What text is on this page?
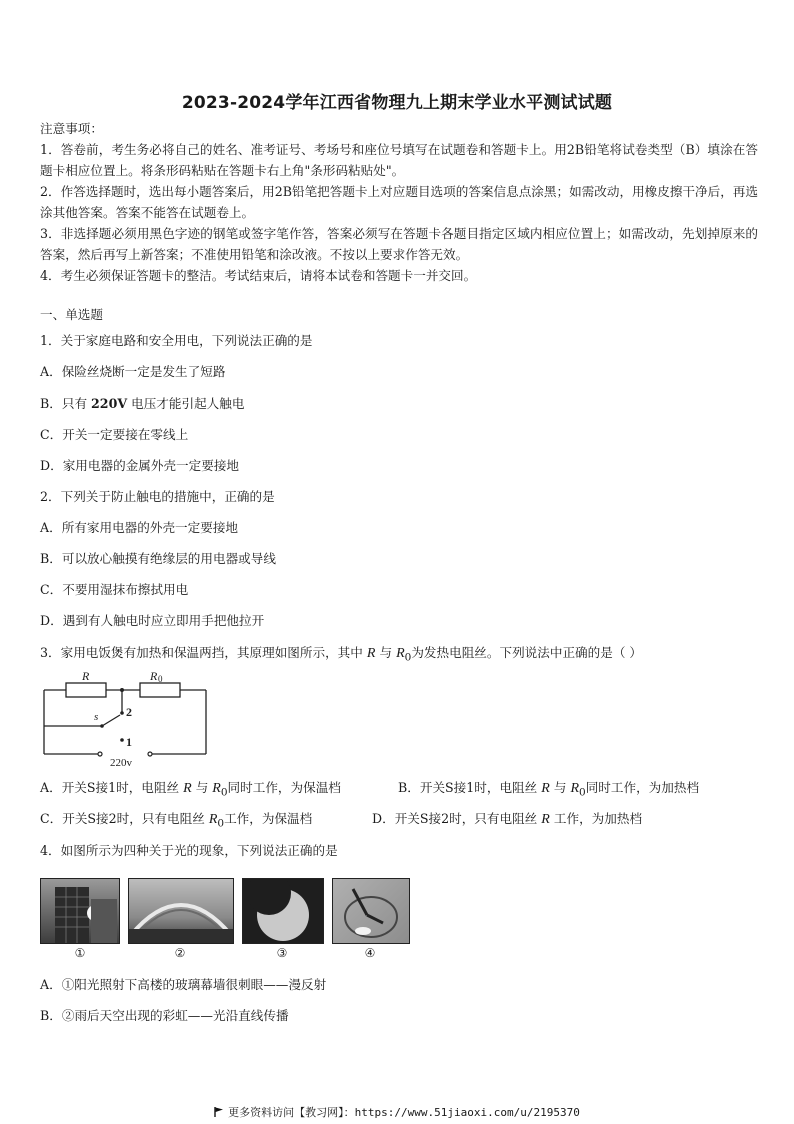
2023-2024学年江西省物理九上期末学业水平测试试题
注意事项：
1．答卷前，考生务必将自己的姓名、准考证号、考场号和座位号填写在试题卷和答题卡上。用2B铅笔将试卷类型（B）填涂在答题卡相应位置上。将条形码粘贴在答题卡右上角"条形码粘贴处"。
2．作答选择题时，选出每小题答案后，用2B铅笔把答题卡上对应题目选项的答案信息点涂黑；如需改动，用橡皮擦干净后，再选涂其他答案。答案不能答在试题卷上。
3．非选择题必须用黑色字迹的钢笔或签字笔作答，答案必须写在答题卡各题目指定区域内相应位置上；如需改动，先划掉原来的答案，然后再写上新答案；不准使用铅笔和涂改液。不按以上要求作答无效。
4．考生必须保证答题卡的整洁。考试结束后，请将本试卷和答题卡一并交回。
一、单选题
1．关于家庭电路和安全用电，下列说法正确的是
A．保险丝烧断一定是发生了短路
B．只有 220V 电压才能引起人触电
C．开关一定要接在零线上
D．家用电器的金属外壳一定要接地
2．下列关于防止触电的措施中，正确的是
A．所有家用电器的外壳一定要接地
B．可以放心触摸有绝缘层的用电器或导线
C．不要用湿抹布擦拭用电
D．遇到有人触电时应立即用手把他拉开
3．家用电饭煲有加热和保温两挡，其原理如图所示，其中 R 与 $R_0$为发热电阻丝。下列说法中正确的是（ ）
R	R 0
s 2
1
220v
A．开关S接1时，电阻丝 R 与 $R_0$同时工作，为保温档	B．开关S接1时，电阻丝 R 与 $R_0$同时工作，为加热档
C．开关S接2时，只有电阻丝 $R_0$工作，为保温档	D．开关S接2时，只有电阻丝 R 工作，为加热档
4．如图所示为四种关于光的现象，下列说法正确的是
①	②	③	④
A．①阳光照射下高楼的玻璃幕墙很刺眼——漫反射
B．②雨后天空出现的彩虹——光沿直线传播
更多资料访问【教习网】：https://www.51jiaoxi.com/u/2195370
